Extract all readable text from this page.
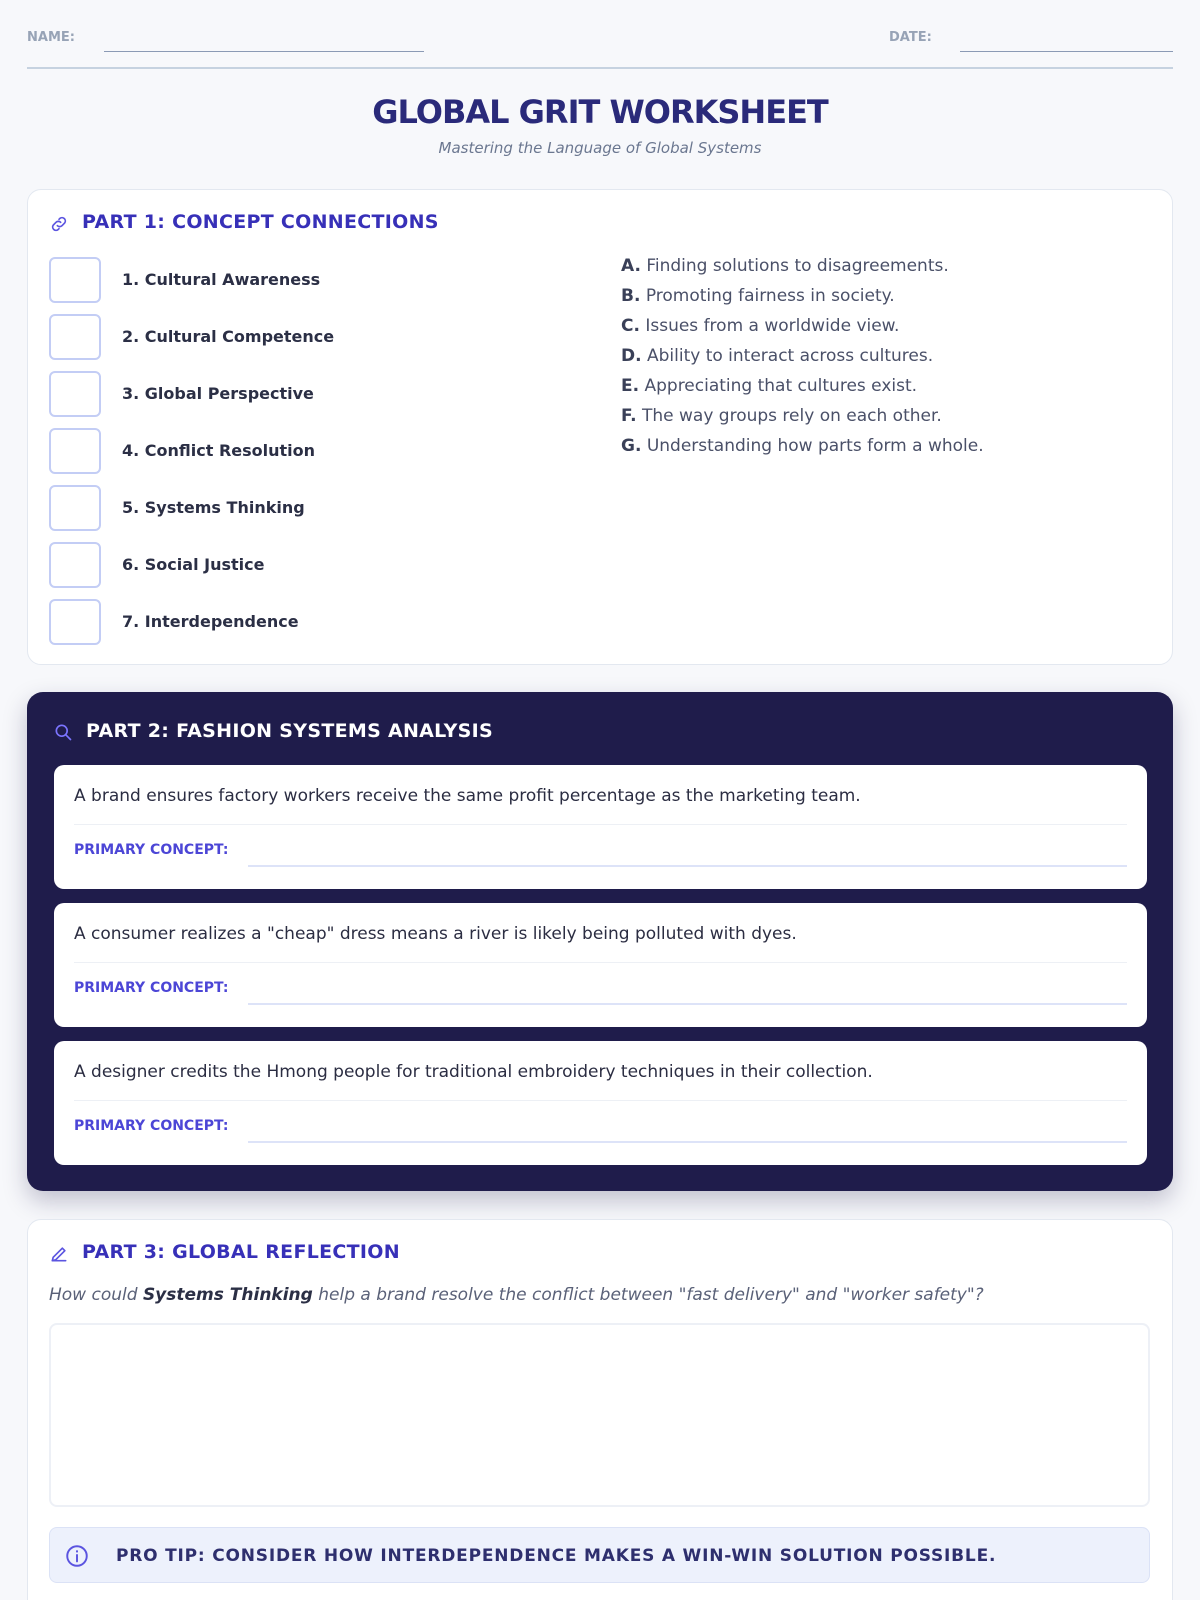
NAME:	DATE:
GLOBAL GRIT WORKSHEET
Mastering the Language of Global Systems
PART 1: CONCEPT CONNECTIONS
1. Cultural Awareness
2. Cultural Competence
3. Global Perspective
4. Conflict Resolution
5. Systems Thinking
6. Social Justice
7. Interdependence
A. Finding solutions to disagreements.
B. Promoting fairness in society.
C. Issues from a worldwide view.
D. Ability to interact across cultures.
E. Appreciating that cultures exist.
F. The way groups rely on each other.
G. Understanding how parts form a whole.
PART 2: FASHION SYSTEMS ANALYSIS
A brand ensures factory workers receive the same profit percentage as the marketing team.
PRIMARY CONCEPT:
A consumer realizes a "cheap" dress means a river is likely being polluted with dyes.
PRIMARY CONCEPT:
A designer credits the Hmong people for traditional embroidery techniques in their collection.
PRIMARY CONCEPT:
PART 3: GLOBAL REFLECTION
How could Systems Thinking help a brand resolve the conflict between "fast delivery" and "worker safety"?
PRO TIP: CONSIDER HOW INTERDEPENDENCE MAKES A WIN-WIN SOLUTION POSSIBLE.
